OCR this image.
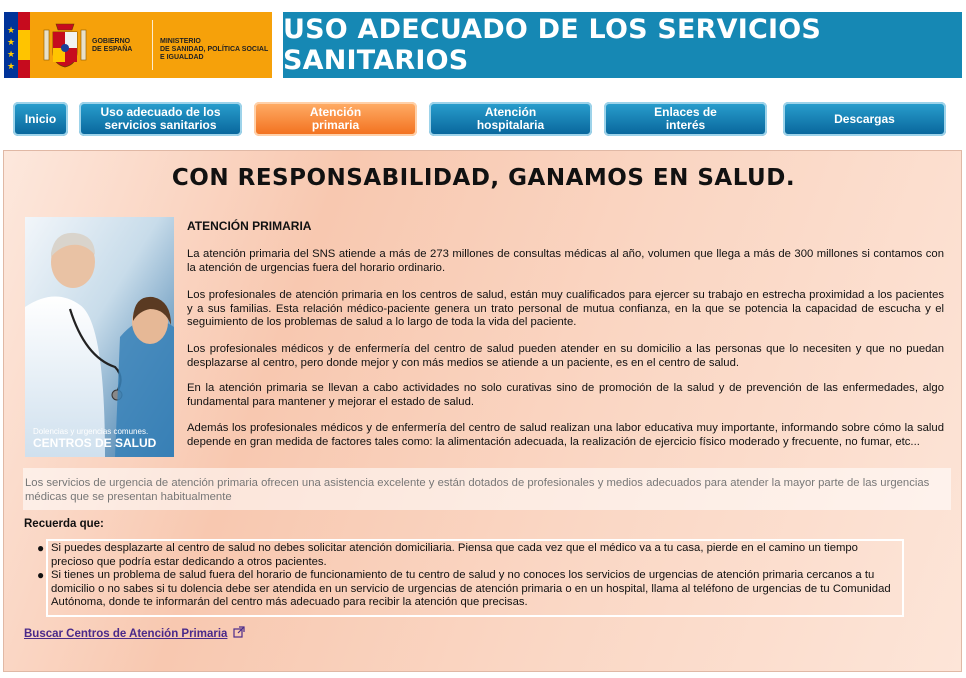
★
★
★
★
GOBIERNO
DE ESPAÑA
MINISTERIO
DE SANIDAD, POLÍTICA SOCIAL
E IGUALDAD
USO ADECUADO DE LOS SERVICIOS SANITARIOS
Inicio	Uso adecuado de los servicios sanitarios
Atención primaria
Atención hospitalaria
Enlaces de interés	Descargas
CON RESPONSABILIDAD, GANAMOS EN SALUD.
Dolencias y urgencias comunes.
CENTROS DE SALUD
ATENCIÓN PRIMARIA

La atención primaria del SNS atiende a más de 273 millones de consultas médicas al año, volumen que llega a más de 300 millones si contamos con la atención de urgencias fuera del horario ordinario.

Los profesionales de atención primaria en los centros de salud, están muy cualificados para ejercer su trabajo en estrecha proximidad a los pacientes y a sus familias. Esta relación médico-paciente genera un trato personal de mutua confianza, en la que se potencia la capacidad de escucha y el seguimiento de los problemas de salud a lo largo de toda la vida del paciente.

Los profesionales médicos y de enfermería del centro de salud pueden atender en su domicilio a las personas que lo necesiten y que no puedan desplazarse al centro, pero donde mejor y con más medios se atiende a un paciente, es en el centro de salud.

En la atención primaria se llevan a cabo actividades no solo curativas sino de promoción de la salud y de prevención de las enfermedades, algo fundamental para mantener y mejorar el estado de salud.

Además los profesionales médicos y de enfermería del centro de salud realizan una labor educativa muy importante, informando sobre cómo la salud depende en gran medida de factores tales como: la alimentación adecuada, la realización de ejercicio físico moderado y frecuente, no fumar, etc...

Los servicios de urgencia de atención primaria ofrecen una asistencia excelente y están dotados de profesionales y medios adecuados para atender la mayor parte de las urgencias médicas que se presentan habitualmente

Recuerda que:
● Si puedes desplazarte al centro de salud no debes solicitar atención domiciliaria. Piensa que cada vez que el médico va a tu casa, pierde en el camino un tiempo precioso que podría estar dedicando a otros pacientes.
● Si tienes un problema de salud fuera del horario de funcionamiento de tu centro de salud y no conoces los servicios de urgencias de atención primaria cercanos a tu domicilio o no sabes si tu dolencia debe ser atendida en un servicio de urgencias de atención primaria o en un hospital, llama al teléfono de urgencias de tu Comunidad Autónoma, donde te informarán del centro más adecuado para recibir la atención que precisas.
Buscar Centros de Atención Primaria
